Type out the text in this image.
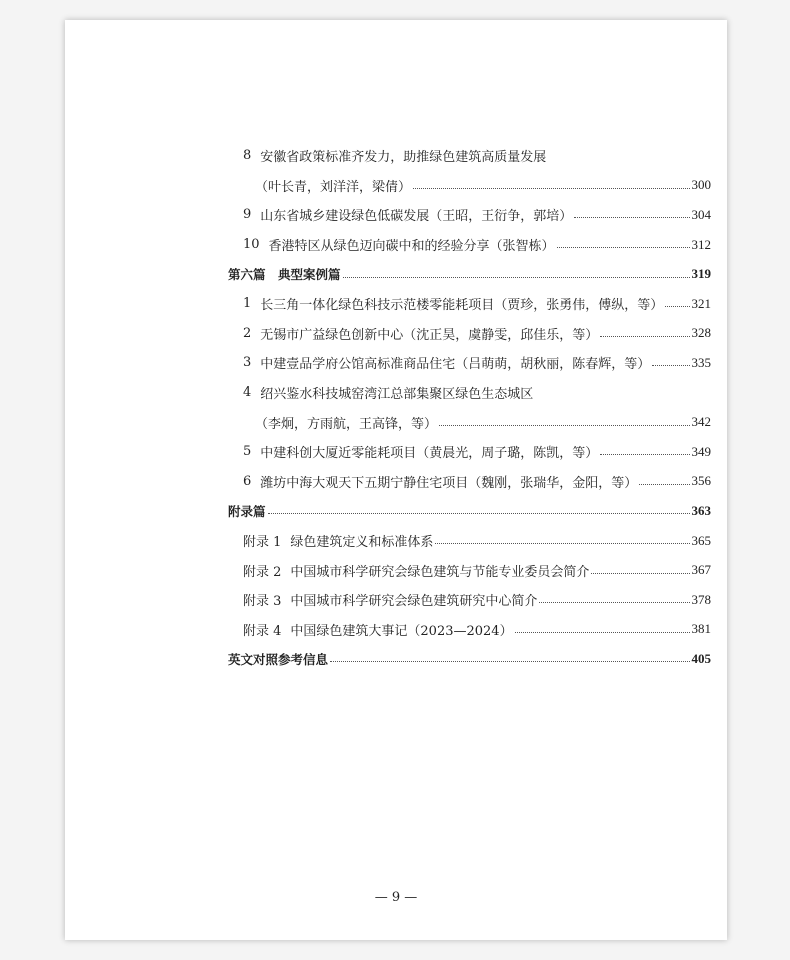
8 安徽省政策标准齐发力，助推绿色建筑高质量发展
（叶长青，刘洋洋，梁倩）	300
9 山东省城乡建设绿色低碳发展（王昭，王衍争，郭培）	304
10 香港特区从绿色迈向碳中和的经验分享（张智栋）	312
第六篇　典型案例篇	319
1 长三角一体化绿色科技示范楼零能耗项目（贾珍，张勇伟，傅纵，等） 321
2 无锡市广益绿色创新中心（沈正昊，虞静雯，邱佳乐，等）	328
3 中建壹品学府公馆高标准商品住宅（吕萌萌，胡秋丽，陈春辉，等）	335
4 绍兴鉴水科技城窑湾江总部集聚区绿色生态城区
（李炯，方雨航，王高锋，等）	342
5 中建科创大厦近零能耗项目（黄晨光，周子璐，陈凯，等）	349
6 潍坊中海大观天下五期宁静住宅项目（魏刚，张瑞华，金阳，等）	356
附录篇	363
附录 1 绿色建筑定义和标准体系	365
附录 2 中国城市科学研究会绿色建筑与节能专业委员会简介	367
附录 3 中国城市科学研究会绿色建筑研究中心简介	378
附录 4 中国绿色建筑大事记（2023—2024）	381
英文对照参考信息	405
— 9 —
